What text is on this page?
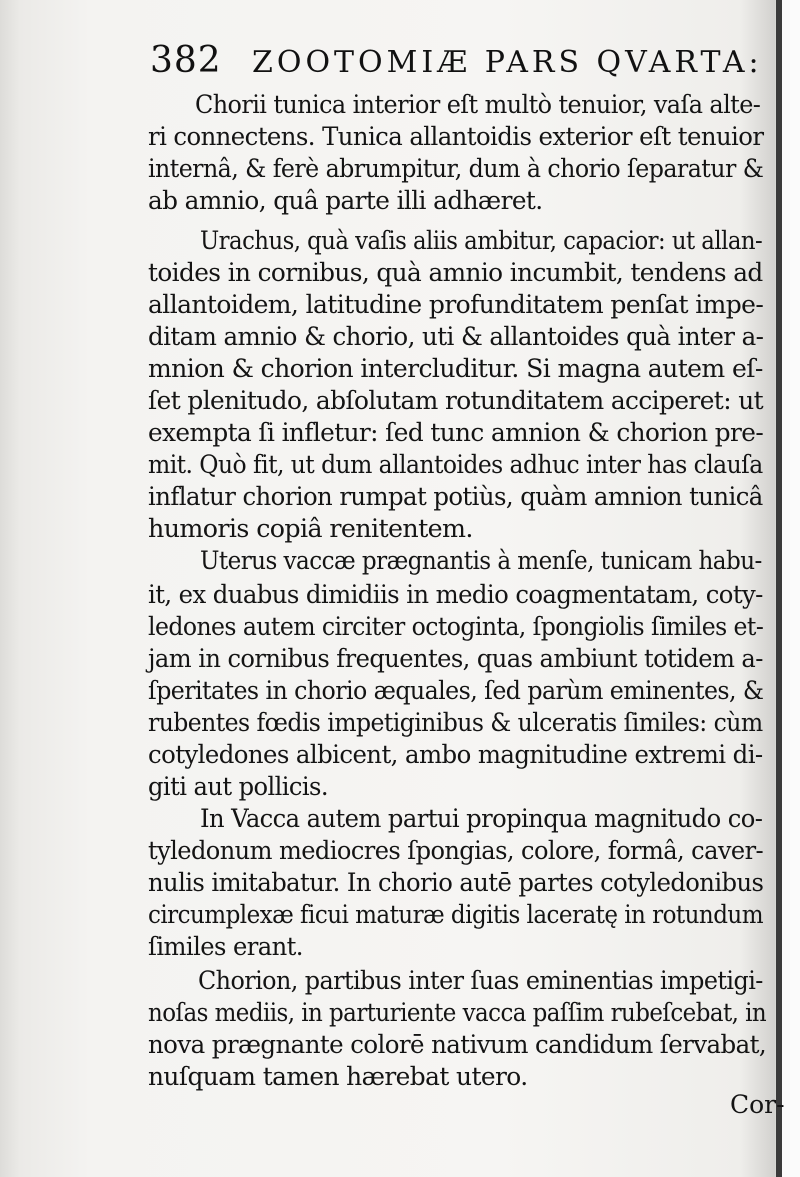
382 ZOOTOMIÆ PARS QVARTA:
Chorii tunica interior eſt multò tenuior, vaſa alte-
ri connectens. Tunica allantoidis exterior eſt tenuior
internâ, & ferè abrumpitur, dum à chorio ſeparatur &
ab amnio, quâ parte illi adhæret.
Urachus, quà vaſis aliis ambitur, capacior: ut allan-
toides in cornibus, quà amnio incumbit, tendens ad
allantoidem, latitudine profunditatem penſat impe-
ditam amnio & chorio, uti & allantoides quà inter a-
mnion & chorion intercluditur. Si magna autem eſ-
ſet plenitudo, abſolutam rotunditatem acciperet: ut
exempta ſi infletur: ſed tunc amnion & chorion pre-
mit. Quò fit, ut dum allantoides adhuc inter has clauſa
inflatur chorion rumpat potiùs, quàm amnion tunicâ
humoris copiâ renitentem.
Uterus vaccæ prægnantis à menſe, tunicam habu-
it, ex duabus dimidiis in medio coagmentatam, coty-
ledones autem circiter octoginta, ſpongiolis ſimiles et-
jam in cornibus frequentes, quas ambiunt totidem a-
ſperitates in chorio æquales, ſed parùm eminentes, &
rubentes fœdis impetiginibus & ulceratis ſimiles: cùm
cotyledones albicent, ambo magnitudine extremi di-
giti aut pollicis.
In Vacca autem partui propinqua magnitudo co-
tyledonum mediocres ſpongias, colore, formâ, caver-
nulis imitabatur. In chorio autē partes cotyledonibus
circumplexæ ficui maturæ digitis laceratę in rotundum
ſimiles erant.
Chorion, partibus inter ſuas eminentias impetigi-
noſas mediis, in parturiente vacca paſſim rubeſcebat, in
nova prægnante colorē nativum candidum ſervabat,
nuſquam tamen hærebat utero.
Cor-
